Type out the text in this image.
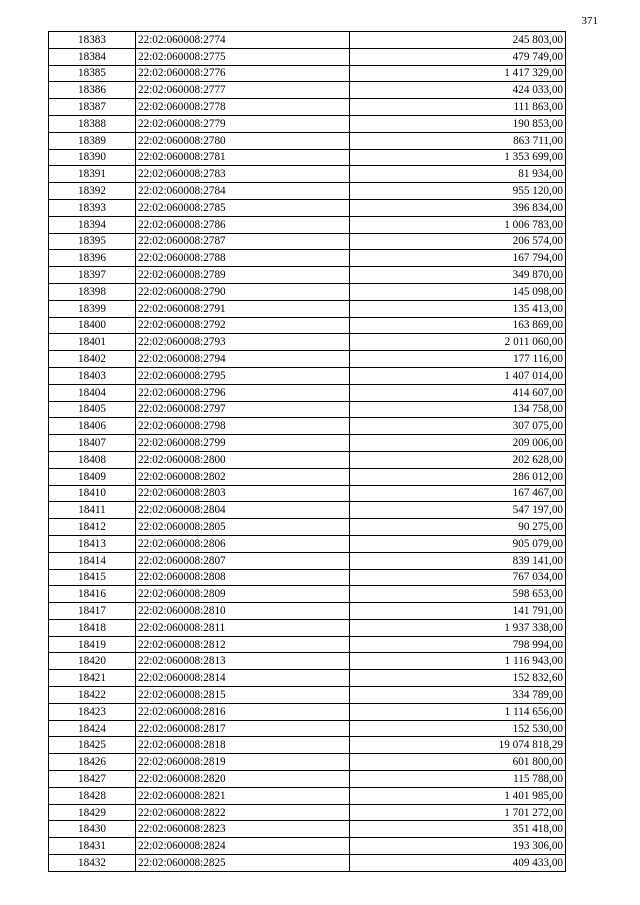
371
18383	22:02:060008:2774	245 803,00
18384	22:02:060008:2775	479 749,00
18385	22:02:060008:2776	1 417 329,00
18386	22:02:060008:2777	424 033,00
18387	22:02:060008:2778	111 863,00
18388	22:02:060008:2779	190 853,00
18389	22:02:060008:2780	863 711,00
18390	22:02:060008:2781	1 353 699,00
18391	22:02:060008:2783	81 934,00
18392	22:02:060008:2784	955 120,00
18393	22:02:060008:2785	396 834,00
18394	22:02:060008:2786	1 006 783,00
18395	22:02:060008:2787	206 574,00
18396	22:02:060008:2788	167 794,00
18397	22:02:060008:2789	349 870,00
18398	22:02:060008:2790	145 098,00
18399	22:02:060008:2791	135 413,00
18400	22:02:060008:2792	163 869,00
18401	22:02:060008:2793	2 011 060,00
18402	22:02:060008:2794	177 116,00
18403	22:02:060008:2795	1 407 014,00
18404	22:02:060008:2796	414 607,00
18405	22:02:060008:2797	134 758,00
18406	22:02:060008:2798	307 075,00
18407	22:02:060008:2799	209 006,00
18408	22:02:060008:2800	202 628,00
18409	22:02:060008:2802	286 012,00
18410	22:02:060008:2803	167 467,00
18411	22:02:060008:2804	547 197,00
18412	22:02:060008:2805	90 275,00
18413	22:02:060008:2806	905 079,00
18414	22:02:060008:2807	839 141,00
18415	22:02:060008:2808	767 034,00
18416	22:02:060008:2809	598 653,00
18417	22:02:060008:2810	141 791,00
18418	22:02:060008:2811	1 937 338,00
18419	22:02:060008:2812	798 994,00
18420	22:02:060008:2813	1 116 943,00
18421	22:02:060008:2814	152 832,60
18422	22:02:060008:2815	334 789,00
18423	22:02:060008:2816	1 114 656,00
18424	22:02:060008:2817	152 530,00
18425	22:02:060008:2818	19 074 818,29
18426	22:02:060008:2819	601 800,00
18427	22:02:060008:2820	115 788,00
18428	22:02:060008:2821	1 401 985,00
18429	22:02:060008:2822	1 701 272,00
18430	22:02:060008:2823	351 418,00
18431	22:02:060008:2824	193 306,00
18432	22:02:060008:2825	409 433,00
